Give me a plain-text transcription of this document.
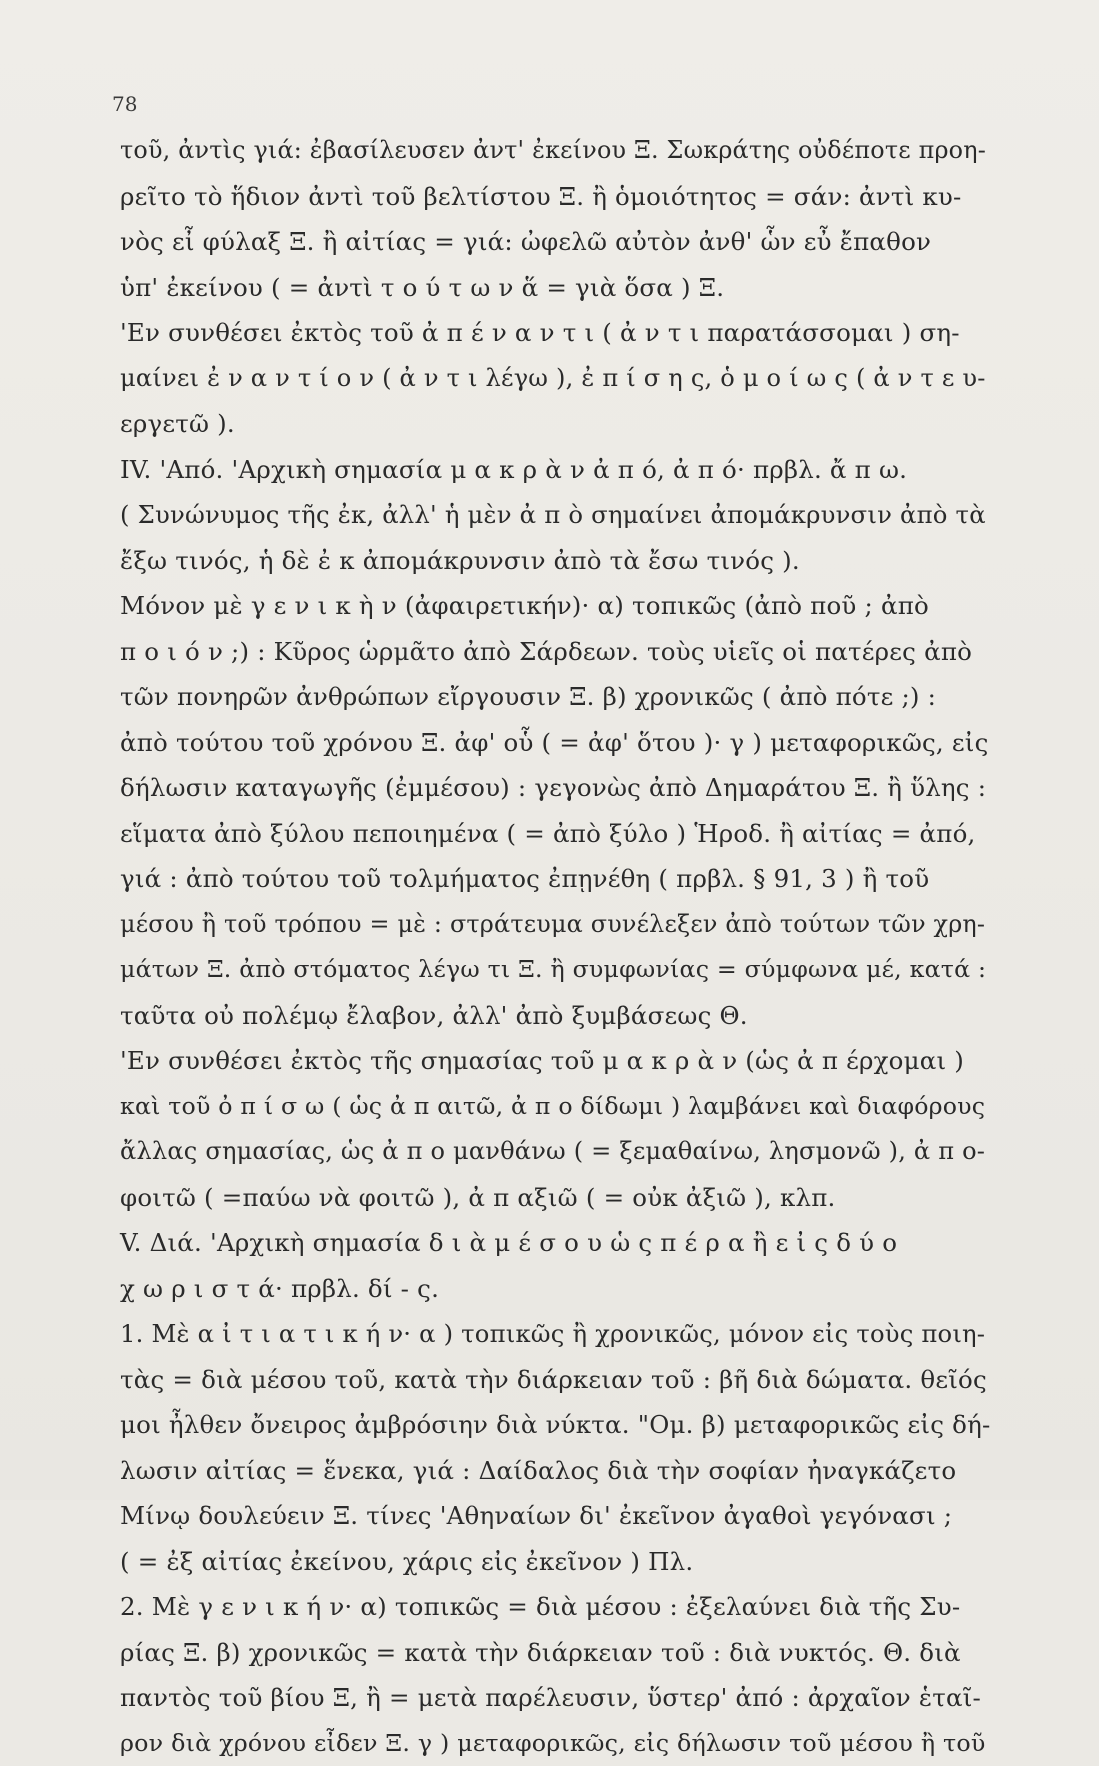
78
τοῦ, ἀντὶς γιά: ἐβασίλευσεν ἀντ' ἐκείνου Ξ. Σωκράτης οὐδέποτε προη-
ρεῖτο τὸ ἥδιον ἀντὶ τοῦ βελτίστου Ξ. ἢ ὁμοιότητος = σάν: ἀντὶ κυ-
νὸς εἶ φύλαξ Ξ. ἢ αἰτίας = γιά: ὠφελῶ αὐτὸν ἀνθ' ὧν εὖ ἔπαθον
ὑπ' ἐκείνου ( = ἀντὶ τ ο ύ τ ω ν ἅ = γιὰ ὅσα ) Ξ.
'Εν συνθέσει ἐκτὸς τοῦ ἀ π έ ν α ν τ ι ( ἀ ν τ ι παρατάσσομαι ) ση-
μαίνει ἐ ν α ν τ ί ο ν ( ἀ ν τ ι λέγω ), ἐ π ί σ η ς, ὁ μ ο ί ω ς ( ἀ ν τ ε υ-
εργετῶ ).
IV. 'Από. 'Αρχικὴ σημασία μ α κ ρ ὰ ν ἀ π ό, ἀ π ό· πρβλ. ἄ π ω.
( Συνώνυμος τῆς ἐκ, ἀλλ' ἡ μὲν ἀ π ὸ σημαίνει ἀπομάκρυνσιν ἀπὸ τὰ
ἔξω τινός, ἡ δὲ ἐ κ ἀπομάκρυνσιν ἀπὸ τὰ ἔσω τινός ).
Μόνον μὲ γ ε ν ι κ ὴ ν (ἀφαιρετικήν)· α) τοπικῶς (ἀπὸ ποῦ ; ἀπὸ
π ο ι ό ν ;) : Κῦρος ὡρμᾶτο ἀπὸ Σάρδεων. τοὺς υἱεῖς οἱ πατέρες ἀπὸ
τῶν πονηρῶν ἀνθρώπων εἴργουσιν Ξ. β) χρονικῶς ( ἀπὸ πότε ;) :
ἀπὸ τούτου τοῦ χρόνου Ξ. ἀφ' οὗ ( = ἀφ' ὅτου )· γ ) μεταφορικῶς, εἰς
δήλωσιν καταγωγῆς (ἐμμέσου) : γεγονὼς ἀπὸ Δημαράτου Ξ. ἢ ὕλης :
εἵματα ἀπὸ ξύλου πεποιημένα ( = ἀπὸ ξύλο ) Ἡροδ. ἢ αἰτίας = ἀπό,
γιά : ἀπὸ τούτου τοῦ τολμήματος ἐπῃνέθη ( πρβλ. § 91, 3 ) ἢ τοῦ
μέσου ἢ τοῦ τρόπου = μὲ : στράτευμα συνέλεξεν ἀπὸ τούτων τῶν χρη-
μάτων Ξ. ἀπὸ στόματος λέγω τι Ξ. ἢ συμφωνίας = σύμφωνα μέ, κατά :
ταῦτα οὐ πολέμῳ ἔλαβον, ἀλλ' ἀπὸ ξυμβάσεως Θ.
'Εν συνθέσει ἐκτὸς τῆς σημασίας τοῦ μ α κ ρ ὰ ν (ὡς ἀ π έρχομαι )
καὶ τοῦ ὀ π ί σ ω ( ὡς ἀ π αιτῶ, ἀ π ο δίδωμι ) λαμβάνει καὶ διαφόρους
ἄλλας σημασίας, ὡς ἀ π ο μανθάνω ( = ξεμαθαίνω, λησμονῶ ), ἀ π ο-
φοιτῶ ( =παύω νὰ φοιτῶ ), ἀ π αξιῶ ( = οὐκ ἀξιῶ ), κλπ.
V. Διά. 'Αρχικὴ σημασία δ ι ὰ μ έ σ ο υ ὡ ς π έ ρ α ἢ ε ἰ ς δ ύ ο
χ ω ρ ι σ τ ά· πρβλ. δί - ς.
1. Μὲ α ἰ τ ι α τ ι κ ή ν· α ) τοπικῶς ἢ χρονικῶς, μόνον εἰς τοὺς ποιη-
τὰς = διὰ μέσου τοῦ, κατὰ τὴν διάρκειαν τοῦ : βῆ διὰ δώματα. θεῖός
μοι ἦλθεν ὄνειρος ἀμβρόσιην διὰ νύκτα. "Ομ. β) μεταφορικῶς εἰς δή-
λωσιν αἰτίας = ἕνεκα, γιά : Δαίδαλος διὰ τὴν σοφίαν ἠναγκάζετο
Μίνῳ δουλεύειν Ξ. τίνες 'Αθηναίων δι' ἐκεῖνον ἀγαθοὶ γεγόνασι ;
( = ἐξ αἰτίας ἐκείνου, χάρις εἰς ἐκεῖνον ) Πλ.
2. Μὲ γ ε ν ι κ ή ν· α) τοπικῶς = διὰ μέσου : ἐξελαύνει διὰ τῆς Συ-
ρίας Ξ. β) χρονικῶς = κατὰ τὴν διάρκειαν τοῦ : διὰ νυκτός. Θ. διὰ
παντὸς τοῦ βίου Ξ, ἢ = μετὰ παρέλευσιν, ὕστερ' ἀπό : ἀρχαῖον ἑταῖ-
ρον διὰ χρόνου εἶδεν Ξ. γ ) μεταφορικῶς, εἰς δήλωσιν τοῦ μέσου ἢ τοῦ
